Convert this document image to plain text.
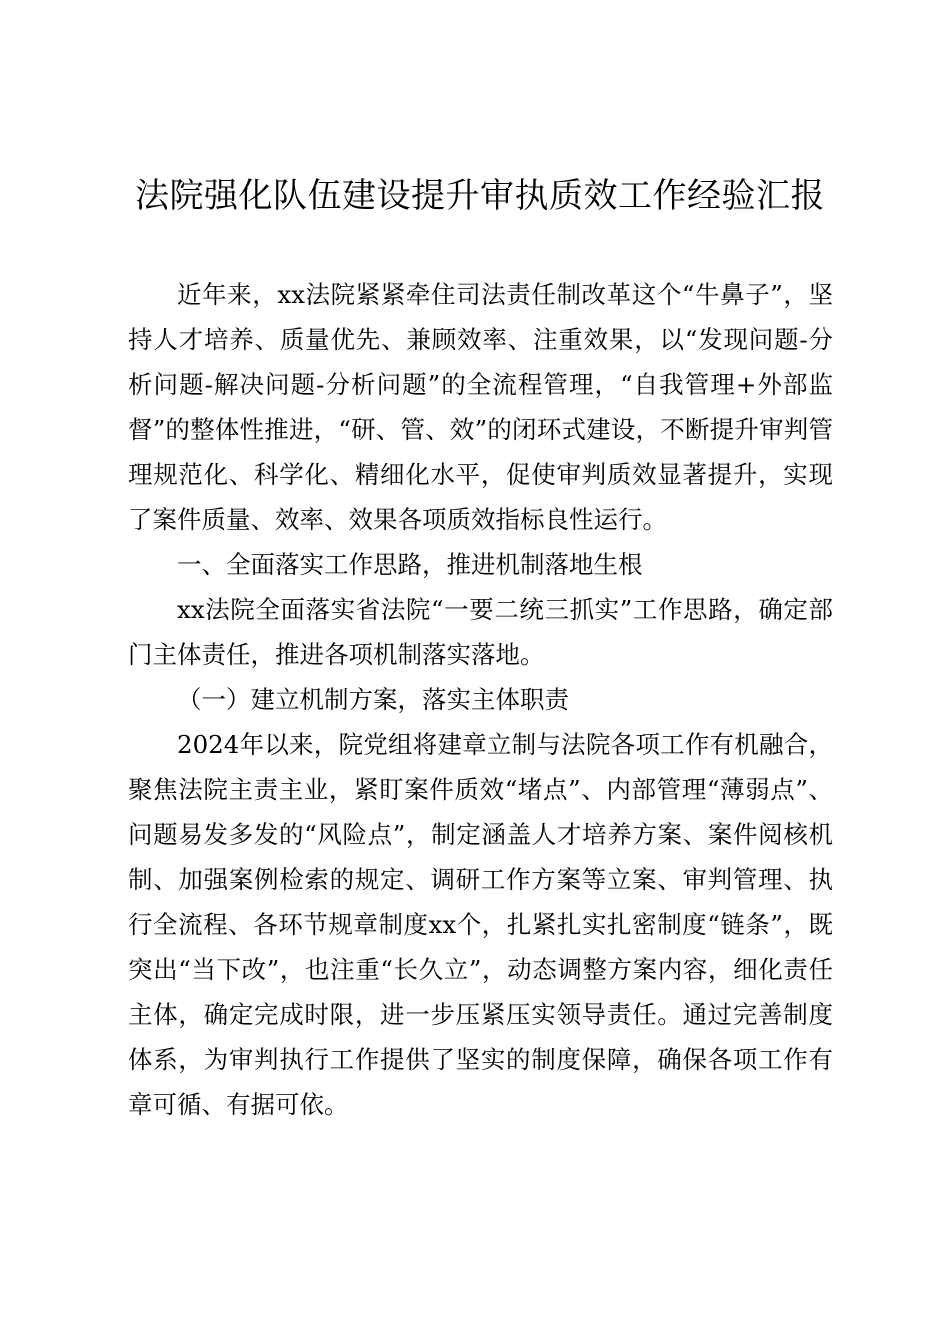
法院强化队伍建设提升审执质效工作经验汇报

近年来，xx法院紧紧牵住司法责任制改革这个“牛鼻子”，坚持人才培养、质量优先、兼顾效率、注重效果，以“发现问题-分析问题-解决问题-分析问题”的全流程管理，“自我管理+外部监督”的整体性推进，“研、管、效”的闭环式建设，不断提升审判管理规范化、科学化、精细化水平，促使审判质效显著提升，实现了案件质量、效率、效果各项质效指标良性运行。

一、全面落实工作思路，推进机制落地生根

xx法院全面落实省法院“一要二统三抓实”工作思路，确定部门主体责任，推进各项机制落实落地。

（一）建立机制方案，落实主体职责

2024年以来，院党组将建章立制与法院各项工作有机融合，聚焦法院主责主业，紧盯案件质效“堵点”、内部管理“薄弱点”、问题易发多发的“风险点”，制定涵盖人才培养方案、案件阅核机制、加强案例检索的规定、调研工作方案等立案、审判管理、执行全流程、各环节规章制度xx个，扎紧扎实扎密制度“链条”，既突出“当下改”，也注重“长久立”，动态调整方案内容，细化责任主体，确定完成时限，进一步压紧压实领导责任。通过完善制度体系，为审判执行工作提供了坚实的制度保障，确保各项工作有章可循、有据可依。
